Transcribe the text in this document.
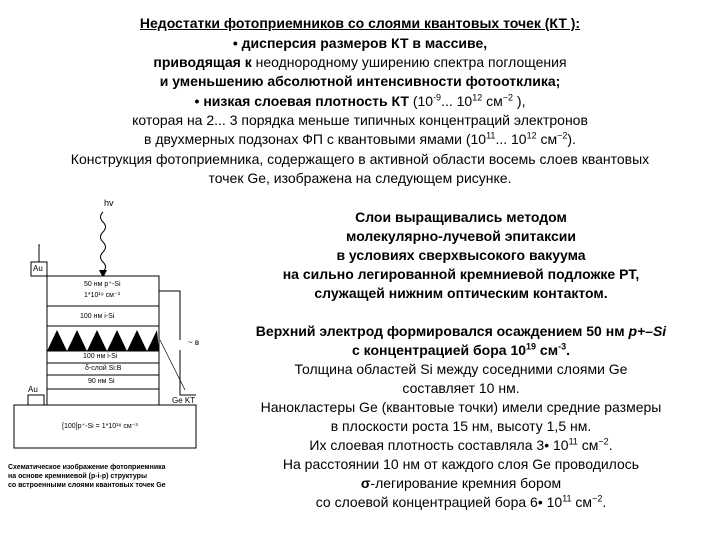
Недостатки фотоприемников со слоями квантовых точек (КТ ):
• дисперсия размеров КТ в массиве,
приводящая к неоднородному уширению спектра поглощения
и уменьшению абсолютной интенсивности фотоотклика;
• низкая слоевая плотность КТ ($10^{-9}$... $10^{12}$ $см^{-2}$ ),
которая на 2... 3 порядка меньше типичных концентраций электронов
в двухмерных подзонах ФП с квантовыми ямами ($10^{11}$... $10^{12}$ $см^{-2}$).
Конструкция фотоприемника, содержащего в активной области восемь слоев квантовых
точек Ge, изображена на следующем рисунке.
Слои выращивались методом
молекулярно-лучевой эпитаксии
в условиях сверхвысокого вакуума
на сильно легированной кремниевой подложке РТ,
служащей нижним оптическим контактом.
Верхний электрод формировался осаждением 50 нм p+–Si
с концентрацией бора $10^{19}$ $см^{-3}$.
Толщина областей Si между соседними слоями Ge
составляет 10 нм.
Нанокластеры Ge (квантовые точки) имели средние размеры
в плоскости роста 15 нм, высоту 1,5 нм.
Их слоевая плотность составляла 3• $10^{11}$ $см^{-2}$.
На расстоянии 10 нм от каждого слоя Ge проводилось
σ-легирование кремния бором
со слоевой концентрацией бора 6• $10^{11}$ $см^{-2}$.
hv
Au
50 нм p⁺-Si
1*10¹⁹ см⁻³
100 нм i-Si
100 нм i-Si
δ-слой Si:B
90 нм Si
~ в
Au
Ge KT
[100]p⁺-Si = 1*10¹⁸ см⁻³
Схематическое изображение фотоприемника
на основе кремниевой (p-i-p) структуры
со встроенными слоями квантовых точек Ge
